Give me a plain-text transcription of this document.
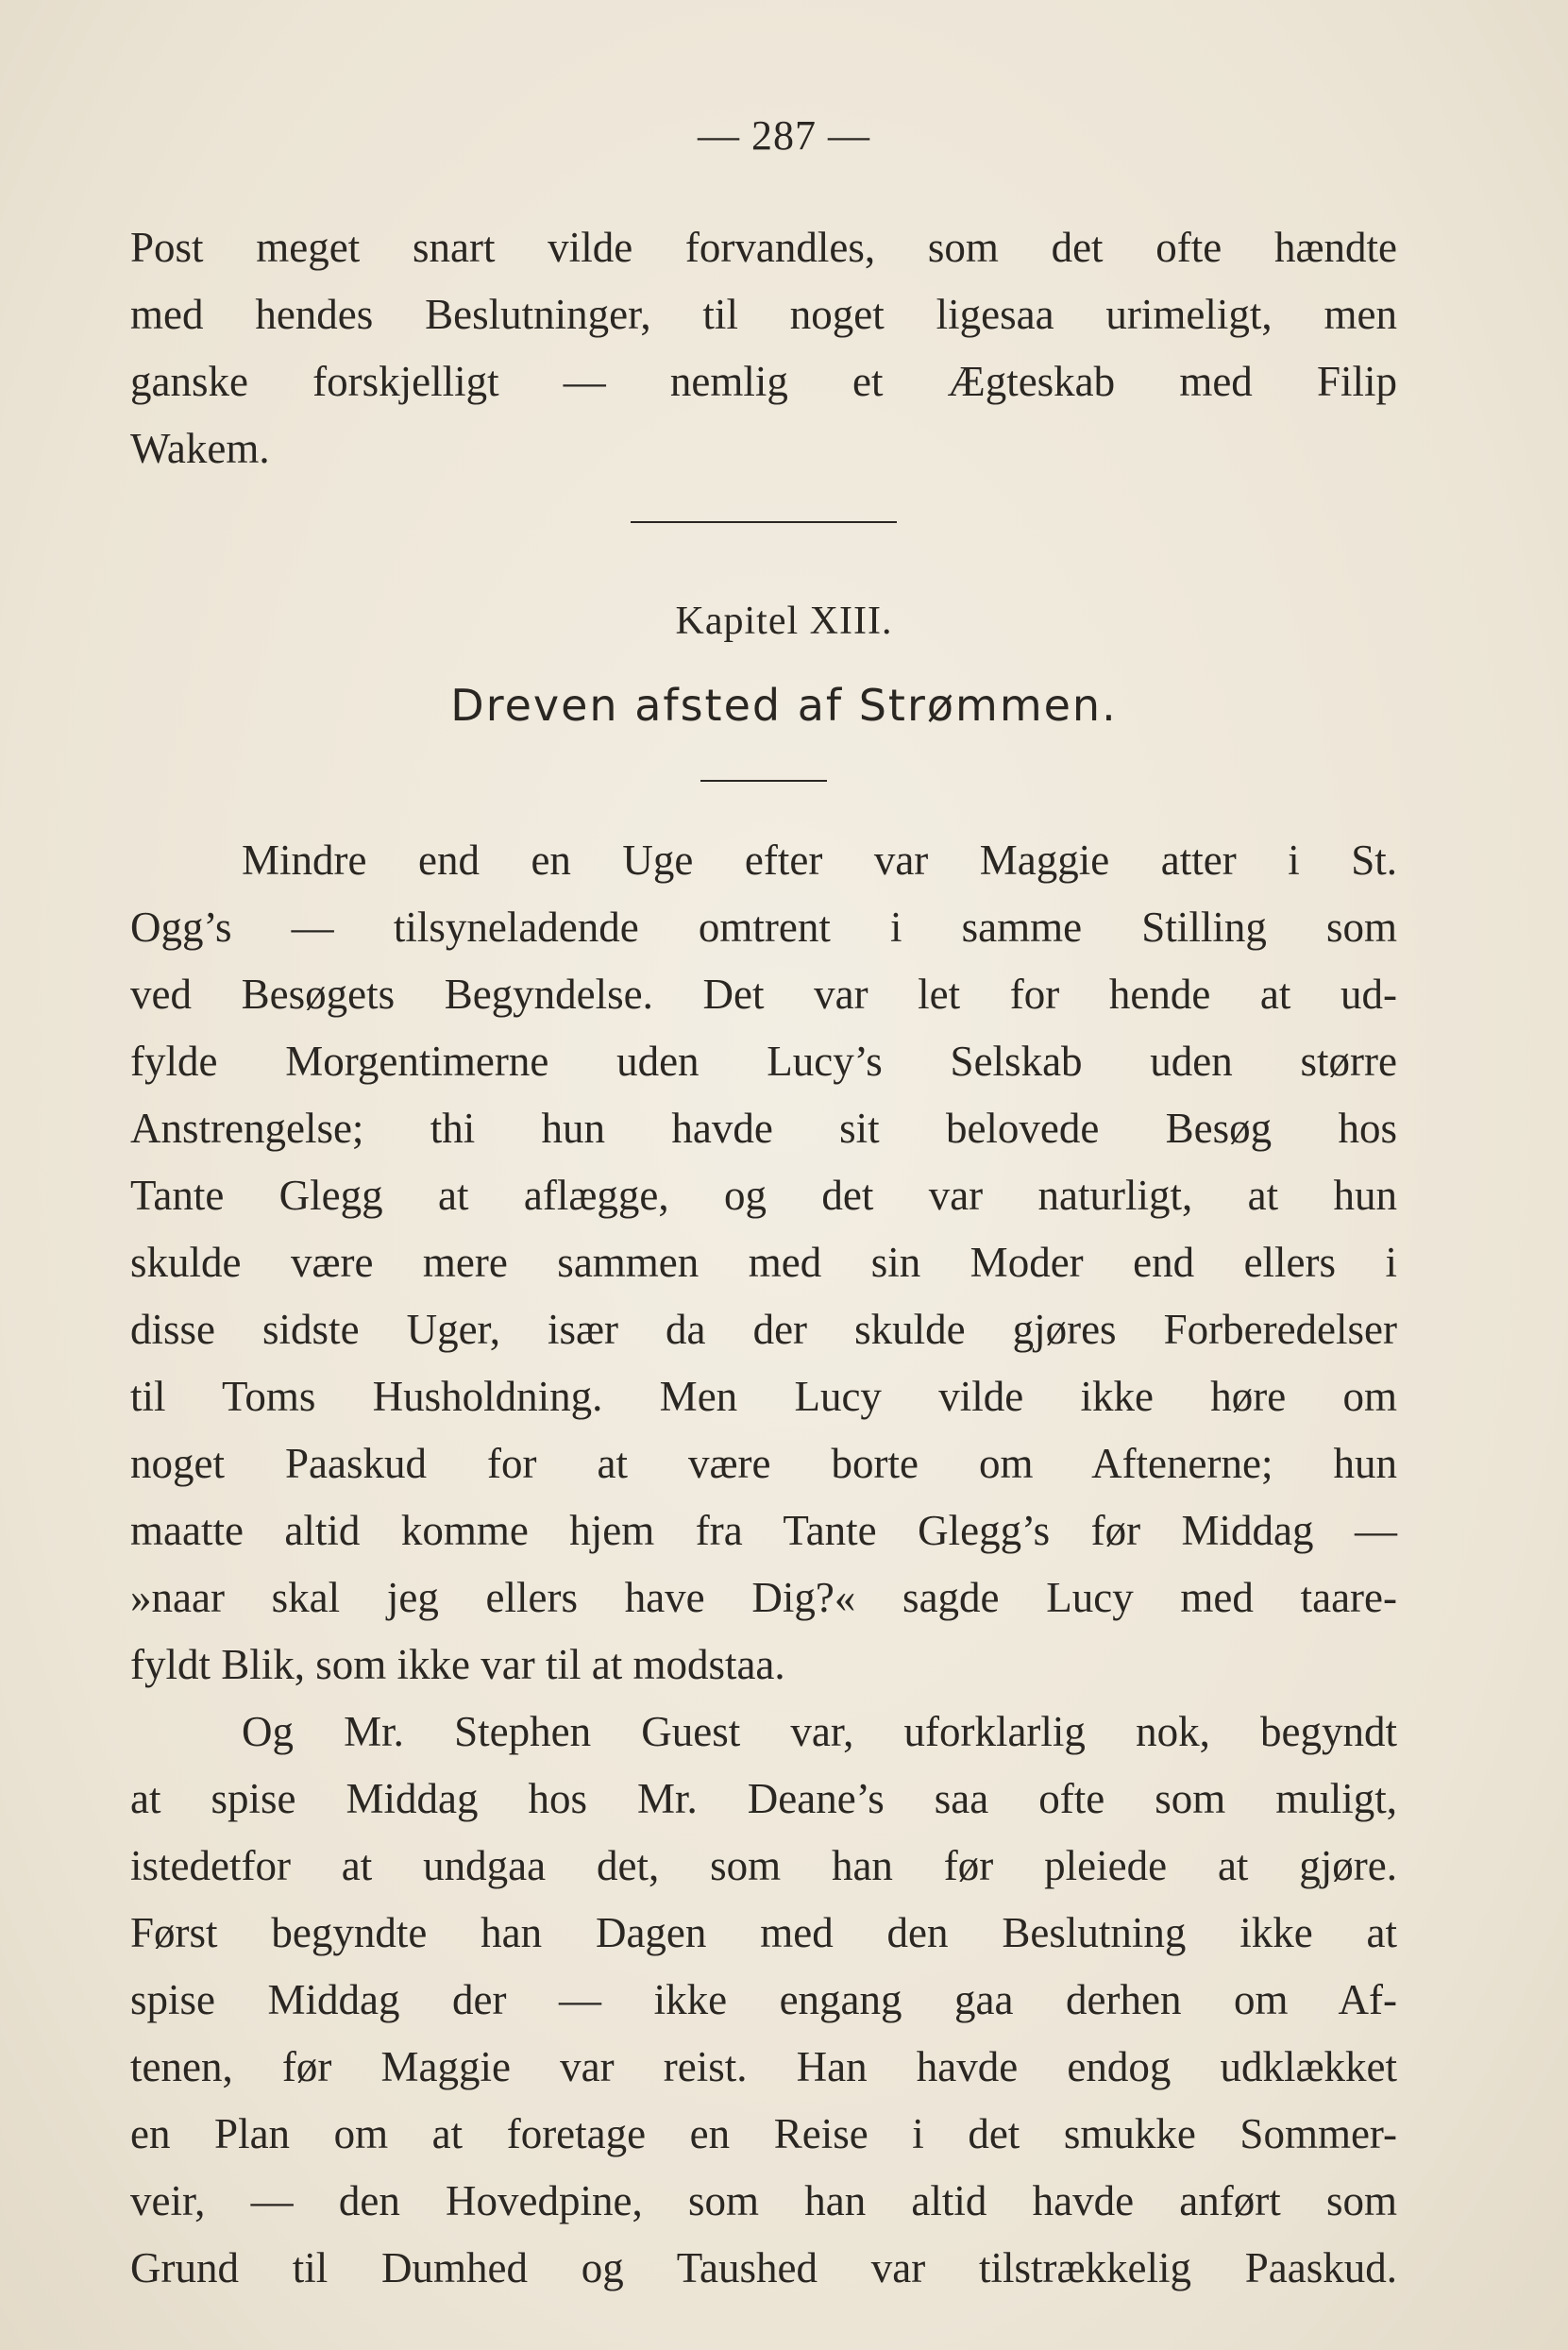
— 287 —

Post meget snart vilde forvandles, som det ofte hændte
med hendes Beslutninger, til noget ligesaa urimeligt, men
ganske forskjelligt — nemlig et Ægteskab med Filip
Wakem.

Kapitel XIII.
Dreven afsted af Strømmen.

Mindre end en Uge efter var Maggie atter i St.
Ogg’s — tilsyneladende omtrent i samme Stilling som
ved Besøgets Begyndelse. Det var let for hende at ud-
fylde Morgentimerne uden Lucy’s Selskab uden større
Anstrengelse; thi hun havde sit belovede Besøg hos
Tante Glegg at aflægge, og det var naturligt, at hun
skulde være mere sammen med sin Moder end ellers i
disse sidste Uger, især da der skulde gjøres Forberedelser
til Toms Husholdning. Men Lucy vilde ikke høre om
noget Paaskud for at være borte om Aftenerne; hun
maatte altid komme hjem fra Tante Glegg’s før Middag —
»naar skal jeg ellers have Dig?« sagde Lucy med taare-
fyldt Blik, som ikke var til at modstaa.

Og Mr. Stephen Guest var, uforklarlig nok, begyndt
at spise Middag hos Mr. Deane’s saa ofte som muligt,
istedetfor at undgaa det, som han før pleiede at gjøre.
Først begyndte han Dagen med den Beslutning ikke at
spise Middag der — ikke engang gaa derhen om Af-
tenen, før Maggie var reist. Han havde endog udklækket
en Plan om at foretage en Reise i det smukke Sommer-
veir, — den Hovedpine, som han altid havde anført som
Grund til Dumhed og Taushed var tilstrækkelig Paaskud.
